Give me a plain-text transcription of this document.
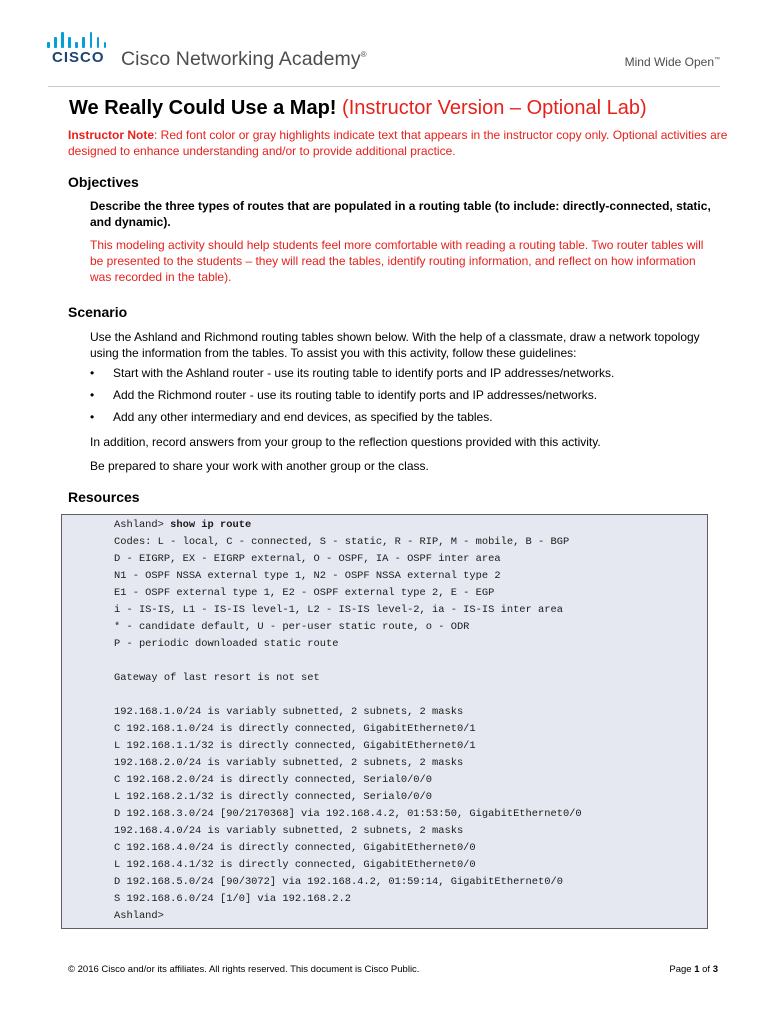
CISCO Cisco Networking Academy®
Mind Wide Open™
We Really Could Use a Map! (Instructor Version – Optional Lab)
Instructor Note: Red font color or gray highlights indicate text that appears in the instructor copy only. Optional activities are designed to enhance understanding and/or to provide additional practice.
Objectives
Describe the three types of routes that are populated in a routing table (to include: directly-connected, static, and dynamic).
This modeling activity should help students feel more comfortable with reading a routing table. Two router tables will be presented to the students – they will read the tables, identify routing information, and reflect on how information was recorded in the table).
Scenario
Use the Ashland and Richmond routing tables shown below. With the help of a classmate, draw a network topology using the information from the tables. To assist you with this activity, follow these guidelines:
• Start with the Ashland router - use its routing table to identify ports and IP addresses/networks.
• Add the Richmond router - use its routing table to identify ports and IP addresses/networks.
• Add any other intermediary and end devices, as specified by the tables.
In addition, record answers from your group to the reflection questions provided with this activity.
Be prepared to share your work with another group or the class.
Resources
Ashland> show ip route
Codes: L - local, C - connected, S - static, R - RIP, M - mobile, B - BGP
D - EIGRP, EX - EIGRP external, O - OSPF, IA - OSPF inter area
N1 - OSPF NSSA external type 1, N2 - OSPF NSSA external type 2
E1 - OSPF external type 1, E2 - OSPF external type 2, E - EGP
i - IS-IS, L1 - IS-IS level-1, L2 - IS-IS level-2, ia - IS-IS inter area
* - candidate default, U - per-user static route, o - ODR
P - periodic downloaded static route
Gateway of last resort is not set
192.168.1.0/24 is variably subnetted, 2 subnets, 2 masks
C 192.168.1.0/24 is directly connected, GigabitEthernet0/1
L 192.168.1.1/32 is directly connected, GigabitEthernet0/1
192.168.2.0/24 is variably subnetted, 2 subnets, 2 masks
C 192.168.2.0/24 is directly connected, Serial0/0/0
L 192.168.2.1/32 is directly connected, Serial0/0/0
D 192.168.3.0/24 [90/2170368] via 192.168.4.2, 01:53:50, GigabitEthernet0/0
192.168.4.0/24 is variably subnetted, 2 subnets, 2 masks
C 192.168.4.0/24 is directly connected, GigabitEthernet0/0
L 192.168.4.1/32 is directly connected, GigabitEthernet0/0
D 192.168.5.0/24 [90/3072] via 192.168.4.2, 01:59:14, GigabitEthernet0/0
S 192.168.6.0/24 [1/0] via 192.168.2.2
Ashland>
© 2016 Cisco and/or its affiliates. All rights reserved. This document is Cisco Public.	Page 1 of 3
